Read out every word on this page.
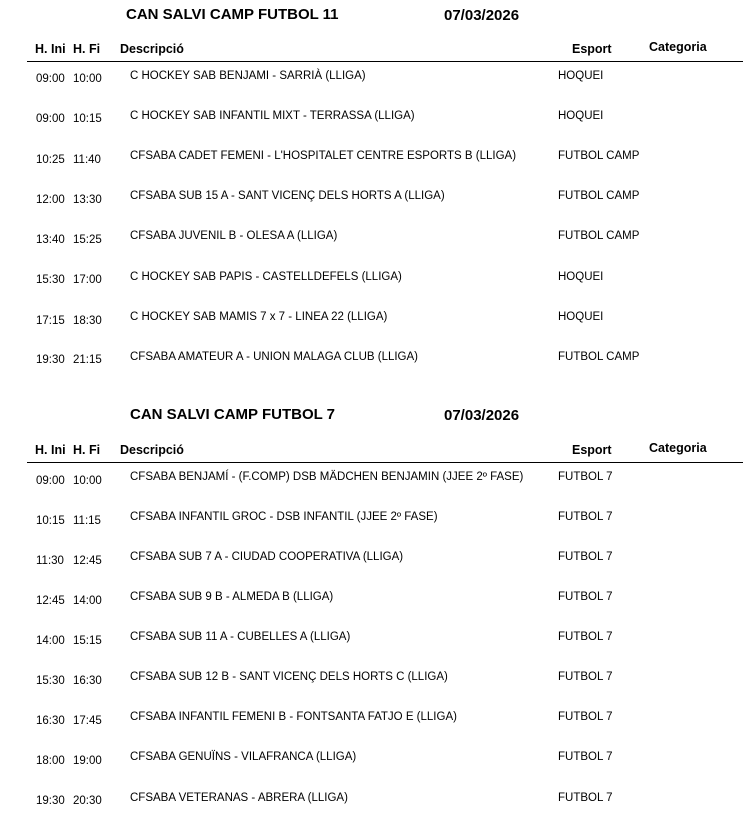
CAN SALVI CAMP FUTBOL 11	07/03/2026
H. Ini H. Fi Descripció	Esport	Categoria
09:00 10:00 C HOCKEY SAB BENJAMI - SARRIÀ (LLIGA)	HOQUEI
09:00 10:15 C HOCKEY SAB INFANTIL MIXT - TERRASSA (LLIGA)	HOQUEI
10:25 11:40	CFSABA CADET FEMENI - L'HOSPITALET CENTRE ESPORTS B (LLIGA)	FUTBOL CAMP
12:00 13:30 CFSABA SUB 15 A - SANT VICENÇ DELS HORTS A (LLIGA)	FUTBOL CAMP
13:40 15:25 CFSABA JUVENIL B - OLESA A (LLIGA)	FUTBOL CAMP
15:30 17:00 C HOCKEY SAB PAPIS - CASTELLDEFELS (LLIGA)	HOQUEI
17:15 18:30 C HOCKEY SAB MAMIS 7 x 7 - LINEA 22 (LLIGA)	HOQUEI
19:30 21:15 CFSABA AMATEUR A - UNION MALAGA CLUB (LLIGA)	FUTBOL CAMP
CAN SALVI CAMP FUTBOL 7	07/03/2026
H. Ini H. Fi Descripció	Esport	Categoria
09:00 10:00 CFSABA BENJAMÍ - (F.COMP) DSB MÄDCHEN BENJAMIN (JJEE 2º FASE)	FUTBOL 7
10:15 11:15	CFSABA INFANTIL GROC - DSB INFANTIL (JJEE 2º FASE)	FUTBOL 7
11:30 12:45 CFSABA SUB 7 A - CIUDAD COOPERATIVA (LLIGA)	FUTBOL 7
12:45 14:00 CFSABA SUB 9 B - ALMEDA B (LLIGA)	FUTBOL 7
14:00 15:15 CFSABA SUB 11 A - CUBELLES A (LLIGA)	FUTBOL 7
15:30 16:30 CFSABA SUB 12 B - SANT VICENÇ DELS HORTS C (LLIGA)	FUTBOL 7
16:30 17:45 CFSABA INFANTIL FEMENI B - FONTSANTA FATJO E (LLIGA)	FUTBOL 7
18:00 19:00 CFSABA GENUÏNS - VILAFRANCA (LLIGA)	FUTBOL 7
19:30 20:30 CFSABA VETERANAS - ABRERA (LLIGA)	FUTBOL 7
